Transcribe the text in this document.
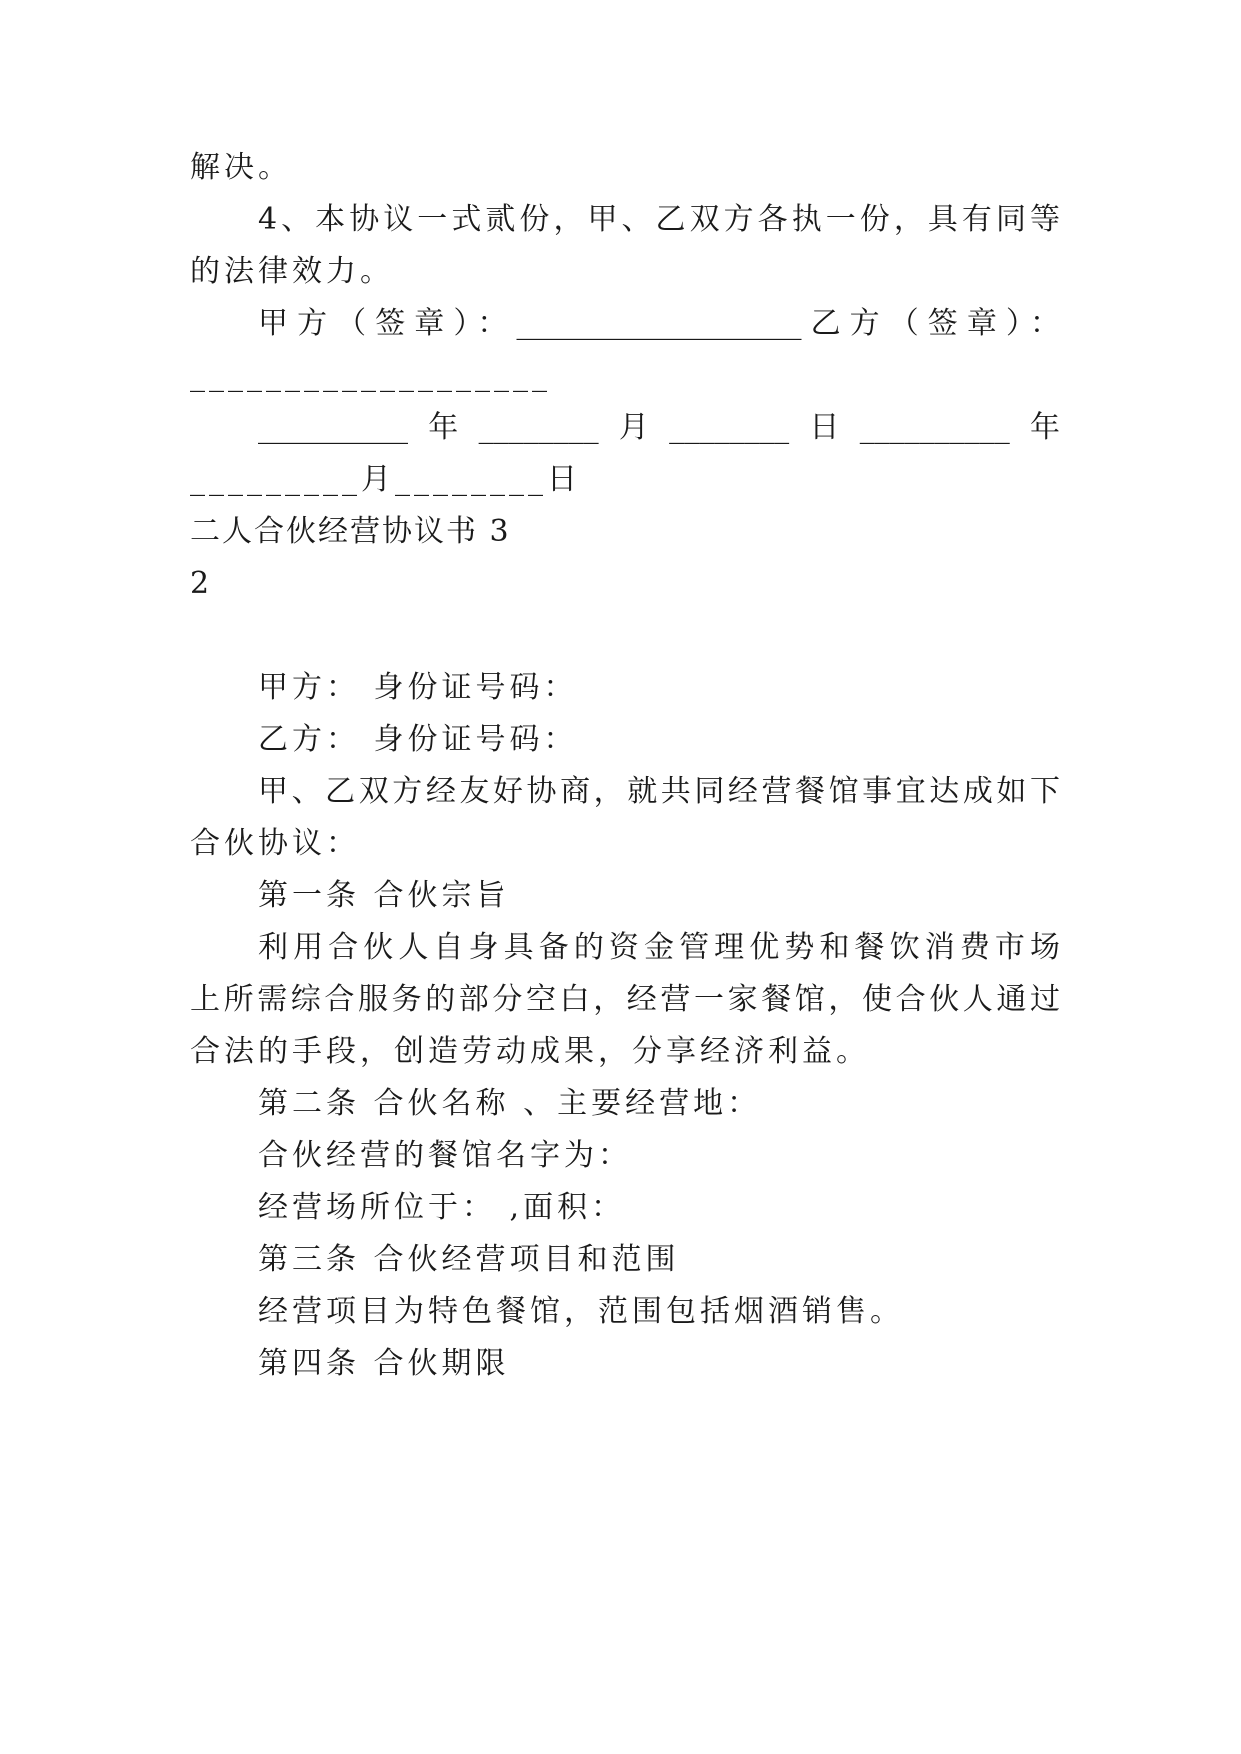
解决。
4、本协议一式贰份，甲、乙双方各执一份，具有同等
的法律效力。
甲方（签章）：___________________乙方（签章）：
___________________
__________年________月________日__________年
_________月________日
二人合伙经营协议书 3
2
甲方： 身份证号码：
乙方： 身份证号码：
甲、乙双方经友好协商，就共同经营餐馆事宜达成如下
合伙协议：
第一条 合伙宗旨
利用合伙人自身具备的资金管理优势和餐饮消费市场
上所需综合服务的部分空白，经营一家餐馆，使合伙人通过
合法的手段，创造劳动成果，分享经济利益。
第二条 合伙名称 、主要经营地：
合伙经营的餐馆名字为：
经营场所位于： ,面积：
第三条 合伙经营项目和范围
经营项目为特色餐馆，范围包括烟酒销售。
第四条 合伙期限
